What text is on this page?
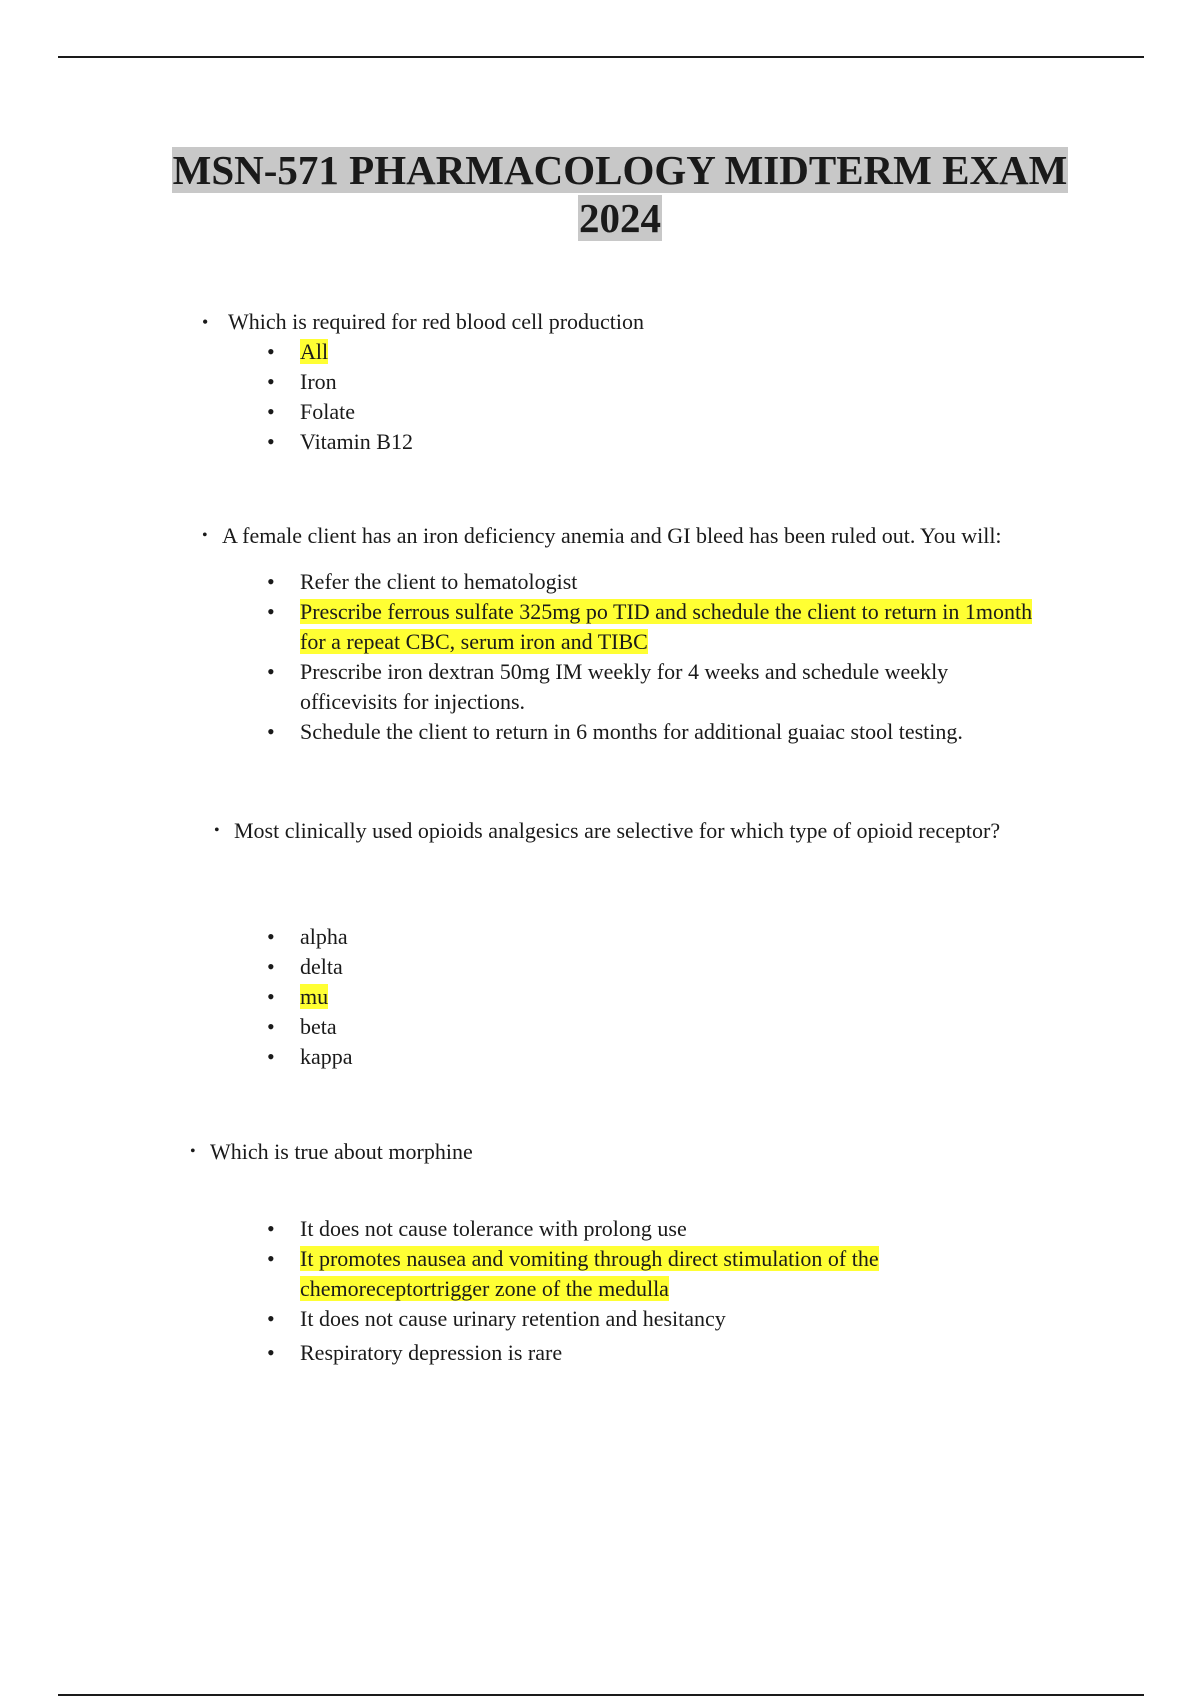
MSN-571 PHARMACOLOGY MIDTERM EXAM
2024
• Which is required for red blood cell production
• All
• Iron
• Folate
• Vitamin B12
• A female client has an iron deficiency anemia and GI bleed has been ruled out. You will:
• Refer the client to hematologist
• Prescribe ferrous sulfate 325mg po TID and schedule the client to return in 1month for a repeat CBC, serum iron and TIBC
• Prescribe iron dextran 50mg IM weekly for 4 weeks and schedule weekly officevisits for injections.
• Schedule the client to return in 6 months for additional guaiac stool testing.
• Most clinically used opioids analgesics are selective for which type of opioid receptor?
• alpha
• delta
• mu
• beta
• kappa
• Which is true about morphine
• It does not cause tolerance with prolong use
• It promotes nausea and vomiting through direct stimulation of the chemoreceptortrigger zone of the medulla
• It does not cause urinary retention and hesitancy
• Respiratory depression is rare
